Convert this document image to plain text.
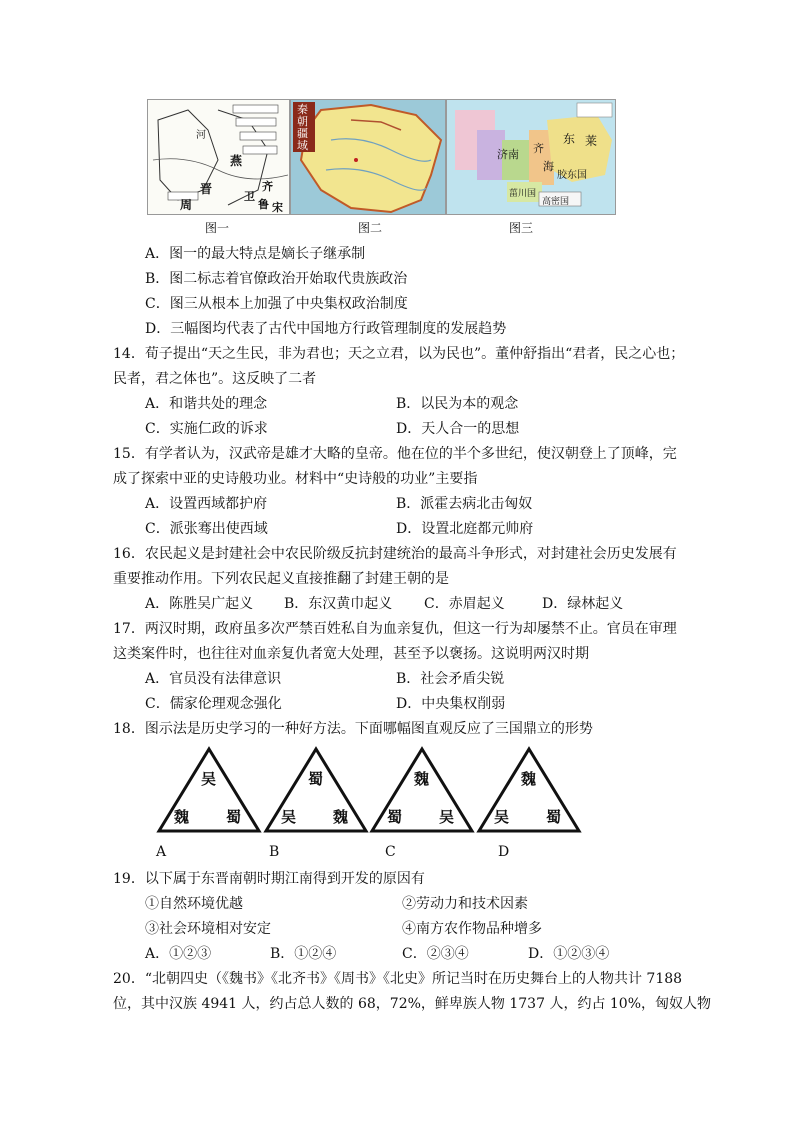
河
燕
晋
周
卫
齐
鲁 宋
秦朝疆域
济南 齐
海
东 莱
胶东国
菑川国
高密国
图一	图二	图三
A．图一的最大特点是嫡长子继承制
B．图二标志着官僚政治开始取代贵族政治
C．图三从根本上加强了中央集权政治制度
D．三幅图均代表了古代中国地方行政管理制度的发展趋势
14．荀子提出“天之生民，非为君也；天之立君，以为民也”。董仲舒指出“君者，民之心也；
民者，君之体也”。这反映了二者
A．和谐共处的理念	B．以民为本的观念
C．实施仁政的诉求	D．天人合一的思想
15．有学者认为，汉武帝是雄才大略的皇帝。他在位的半个多世纪，使汉朝登上了顶峰，完
成了探索中亚的史诗般功业。材料中“史诗般的功业”主要指
A．设置西域都护府	B．派霍去病北击匈奴
C．派张骞出使西域	D．设置北庭都元帅府
16．农民起义是封建社会中农民阶级反抗封建统治的最高斗争形式，对封建社会历史发展有
重要推动作用。下列农民起义直接推翻了封建王朝的是
A．陈胜吴广起义 B．东汉黄巾起义 C．赤眉起义	D．绿林起义
17．两汉时期，政府虽多次严禁百姓私自为血亲复仇，但这一行为却屡禁不止。官员在审理
这类案件时，也往往对血亲复仇者宽大处理，甚至予以褒扬。这说明两汉时期
A．官员没有法律意识	B．社会矛盾尖锐
C．儒家伦理观念强化	D．中央集权削弱
18．图示法是历史学习的一种好方法。下面哪幅图直观反应了三国鼎立的形势
吴
魏 蜀
蜀
吴 魏
魏
蜀 吴
魏
吴 蜀
A	B	C	D
19．以下属于东晋南朝时期江南得到开发的原因有
①自然环境优越	②劳动力和技术因素
③社会环境相对安定	④南方农作物品种增多
A．①②③	B．①②④	C．②③④	D．①②③④
20．“北朝四史（《魏书》《北齐书》《周书》《北史》所记当时在历史舞台上的人物共计 7188
位，其中汉族 4941 人，约占总人数的 68，72%，鲜卑族人物 1737 人，约占 10%，匈奴人物
